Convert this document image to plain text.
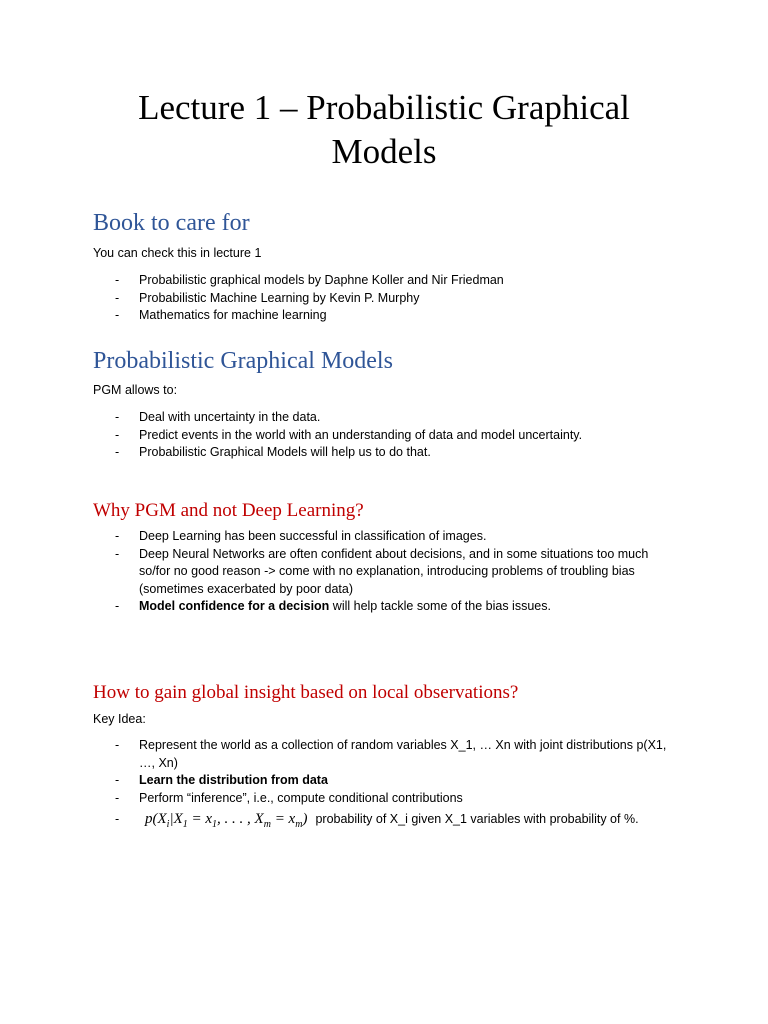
Lecture 1 – Probabilistic Graphical
Models
Book to care for
You can check this in lecture 1
- Probabilistic graphical models by Daphne Koller and Nir Friedman
- Probabilistic Machine Learning by Kevin P. Murphy
- Mathematics for machine learning
Probabilistic Graphical Models
PGM allows to:
- Deal with uncertainty in the data.
- Predict events in the world with an understanding of data and model uncertainty.
- Probabilistic Graphical Models will help us to do that.
Why PGM and not Deep Learning?
- Deep Learning has been successful in classification of images.
- Deep Neural Networks are often confident about decisions, and in some situations too much so/for no good reason -> come with no explanation, introducing problems of troubling bias (sometimes exacerbated by poor data)
- Model confidence for a decision will help tackle some of the bias issues.
How to gain global insight based on local observations?
Key Idea:
- Represent the world as a collection of random variables X_1, … Xn with joint distributions p(X1, …, Xn)
- Learn the distribution from data
- Perform “inference”, i.e., compute conditional contributions
- $p(X_i|X_1 = x_1$, . . . , $X_m = x_m$) probability of X_i given X_1 variables with probability of %.
